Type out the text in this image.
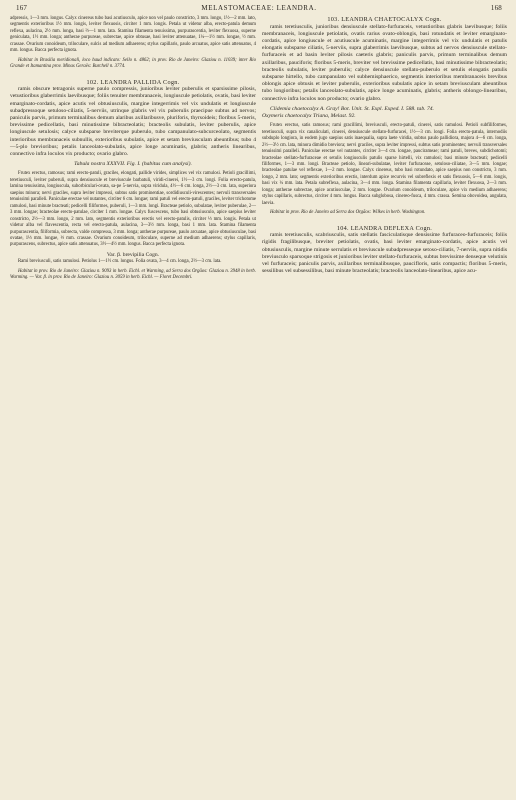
167	MELASTOMACEAE: LEANDRA.	168

adpressis, 1—3 mm. longus. Calyx cinereus tubo basi acutiusculo, apice non vel paulo constricto, 3 mm. longo, 1½—2 mm. lato, segmentis exterioribus 1½ mm. longis, leviter flexuosis, circiter 1 mm. longis. Petala ut videtur alba, erecto-patula demum reflexa, aulacina, 2½ mm. longa, basi ⅔—1 mm. lata. Stamina filamenta tenuissima, purpurascentia, leviter flexuosa, superne geniculata, 1½ mm. longa; antherae purpureae, subrectae, apice obtusae, basi leviter attenuatae, 1¼—1½ mm. longae, ½ mm. crassae. Ovarium conoideum, triloculare, sulcis ad medium adhaerens; stylus capillaris, paulo arcuatus, apice satis attenuatus, 4 mm. longus. Bacca perfecta ignota.

Habitat in Brasilia meridionali, loco haud indicato: Sello n. 4862; in prov. Rio de Janeiro: Glaziou n. 11039; inter Rio Grande et Itamantina prov. Minas Geraës: Burchell n. 3774.

102. LEANDRA PALLIDA Cogn.

ramis obscure tetragonis superne paulo compressis, junioribus leviter puberulis et sparsissime pilosis, vetustioribus glaberrimis laevibusque; foliis tenuiter membranaceis, longiuscule petiolatis, ovatis, basi leviter emarginato-cordatis, apice acutis vel obtusiusculis, margine integerrimis vel vix undulatis et longiuscule subadpressoque setuloso-ciliatis, 5-nerviis, utrinque glabris vel vix puberulis praecipue subtus ad nervos; paniculis parvis, primum terminalibus demum alaribus axillaribusve, pluriforis, thyrsoideis; floribus 5-meris, brevissime pedicellatis, basi minutissime bibracteolatis; bracteolis subulatis, leviter puberulis, apice longiuscule setulosis; calyce subsparse breviterque puberulo, tubo campanulato-subcurceolato, segmentis interioribus membranaceis subnullis, exterioribus subulatis, apice et setam breviusculam abeuntibus; tubo 4—5-plo brevioribus; petalis lanceolato-subulatis, apice longe acuminatis, glabris; antheris linearibus, connectivo infra loculos vix producto; ovario glabro.

Tabula nostra XXXVII. Fig. I. (habitus cum analysi).

Frutex erectus, ramosus; rami erecto-patuli, graciles, elongati, pallide virides, simplices vel vix ramulosi. Petioli gracillimi, teretiusculi, leviter puberuli, supra densiuscule et breviuscule barbatuli, viridi-cinerei, 1½—3 cm. longi. Folia erecto-patula, lamina tenuissima, longiuscula, suborbiculari-ovata, sa-pe 5-nervia, supra viridula, 4½—6 cm. longa, 2½—3 cm. lata, superiora saepius minora; nervi graciles, supra leviter impressi, subtus satis prominentiae, sordidiusculi-virescentes; nervuli transversales tenuissimi paralleli. Paniculae erectae vel nutantes, circiter 6 cm. longae; rami patuli vel erecto-patuli, graciles, leviter trichotome ramulosi, basi minute bracteati; pedicelli filiformes, puberuli, 1—3 mm. longi. Bracteae petiolo, subulatae, leviter puberulae, 2—3 mm. longae; bracteolae erecto-patulae, circiter 1 mm. longae. Calyx fuscescens, tubo basi obtusiusculo, apice saepius leviter constricto, 2½—3 mm. longo, 2 mm. lato, segmentis exterioribus erectis vel erecto-patulis, circiter ⅓ mm. longis. Petala ut videtur alba vel flavescentia, recta vel erecto-patula, aulacina, 3—3½ mm. longa, basi 1 mm. lata. Stamina filamenta purpurascentia, filiformia, subrecta, valde compressa, 3 mm. longa; antherae purpureae, paulo arcuatae, apice obtusiusculae, basi ovatae, 1⅓ mm. longae, ⅓ mm. crassae. Ovarium conoideum, triloculare, superne ad medium adhaerens; stylus capillaris, purpurascens, subrectus, apice satis attenuatus, 3½—4½ mm. longus. Bacca perfecta ignota.

Var. β. brevipilia Cogn.

Rami breviusculi, satis ramulosi. Petiolus 1—1½ cm. longus. Folia ovata, 3—4 cm. longa, 2½—3 cm. lata.

Habitat in prov. Rio de Janeiro: Glaziou n. 9093 in herb. Eichl. et Warming, ad Serra dos Orgãos: Glaziou n. 3948 in herb. Warming. — Var. β. in prov. Rio de Janeiro: Glaziou n. 3059 in herb. Eichl. — Floret Decembri.

103. LEANDRA CHAETOCALYX Cogn.

ramis teretiusculis, junioribus densiuscule stellato-furfuraceis, vetustioribus glabris laevibusque; foliis membranaceis, longiuscule petiolatis, ovatis rarius ovato-oblongis, basi rotundatis et leviter emarginato-cordatis, apice longiuscule et acutiuscule acuminatis, margine integerrimis vel vix undulatis et patulis elongatis subsparse ciliatis, 5-nerviis, supra glaberrimis laevibusque, subtus ad nervos densiuscule stellato-furfuraceis et ad basin leviter pilosis caeteris glabris; paniculis parvis, primum terminalibus demum axillaribus, pauciforis; floribus 5-meris, breviter vel brevissime pedicellatis, basi minutissime bibracteolatis; bracteolis subulatis, leviter puberulis; calyce densiuscule stellato-puberulo et setulis elongatis patulis subsparse hirtello, tubo campanulato vel subhemisphaerico, segmentis interioribus membranaceis brevibus oblongis apice obtusis et leviter puberulis, exterioribus subulatis apice in setam breviusculam abeuntibus tubo longioribus; petalis lanceolato-subulatis, apice longe acuminatis, glabris; antheris oblongo-linearibus, connectivo infra loculos non producto; ovario glabro.

Clidemia chaetocalyx A. Gray! Bot. Unit. St. Expl. Exped. I. 588. tab. 74.
Oxymeris chaetocalyx Triana, Melast. 92.

Frutex erectus, satis ramosus; rami gracillimi, breviusculi, erecto-patuli, cinerei, satis ramulosi. Petioli subfiliformes, teretiusculi, supra vix canaliculati, cinerei, densiuscule stellato-furfuracei, 1½—3 cm. longi. Folia erecto-patula, internodiis subduplo longiora, in eodem jugo saepius satis inaequalia, supra laete viridia, subtus paulo pallidiora, majora 4—6 cm. longa, 2½—3½ cm. lata, minora dimidio breviora; nervi graciles, supra leviter impressi, subtus satis prominentes; nervuli transversales tenuissimi paralleli. Paniculae erectae vel nutantes, circiter 3—4 cm. longae, paucirameae; rami patuli, breves, subdichotomi; bracteolae stellato-furfuraceae et setulis longiusculis patulis sparse hirtelli, vix ramulosi; basi minute bracteati; pedicelli filiformes, 1—3 mm. longi. Bracteae petiolo, lineari-subulatae, leviter furfuraceae, setuloso-ciliatae, 3—5 mm. longae; bracteolae patulae vel reflexae, 1—2 mm. longae. Calyx cinereus, tubo basi rotundato, apice saepius non constricto, 3 mm. longo, 2 mm. lato; segmentis exterioribus erectis, interdum apice recurvis vel subreflexis et satis flexuosis, 5—6 mm. longis, basi vix ¼ mm. lata. Petala subreflexa, aulacina, 3—4 mm. longa. Stamina filamenta capillaria, leviter flexuosa, 2—3 mm. longa; antherae subrectae, apice acutiusculae, 2 mm. longae. Ovarium conoideum, triloculare, apice vix medium adhaerens; stylus capillaris, subrectus, circiter 4 mm. longus. Bacca subglobosa, cinereo-fusca, 4 mm. crassa. Semina obovoidea, angulata, laevia.

Habitat in prov. Rio de Janeiro ad Serra dos Orgãos: Wilkes in herb. Washington.

104. LEANDRA DEFLEXA Cogn.

ramis teretiusculis, scabriusculis, satis stellatis fasciculatisque densissime furfuraceo-furfuraceis; foliis rigidis fragilibusque, breviter petiolatis, ovatis, basi leviter emarginato-cordatis, apice acutis vel obtusiusculis, margine minute serrulatis et breviuscule subadpresseque setoso-ciliatis, 7-nerviis, supra nitidis breviusculo sparsoque strigosis et junioribus leviter stellato-furfuraceis, subtus brevissime denseque velutinis vel furfuraceis; paniculis parvis, axillaribus terminalibusque, paucifloris, satis compactis; floribus 5-meris, sessilibus vel subsessilibus, basi minute bracteolatis; bracteolis lanceolato-linearibus, apice acu-
